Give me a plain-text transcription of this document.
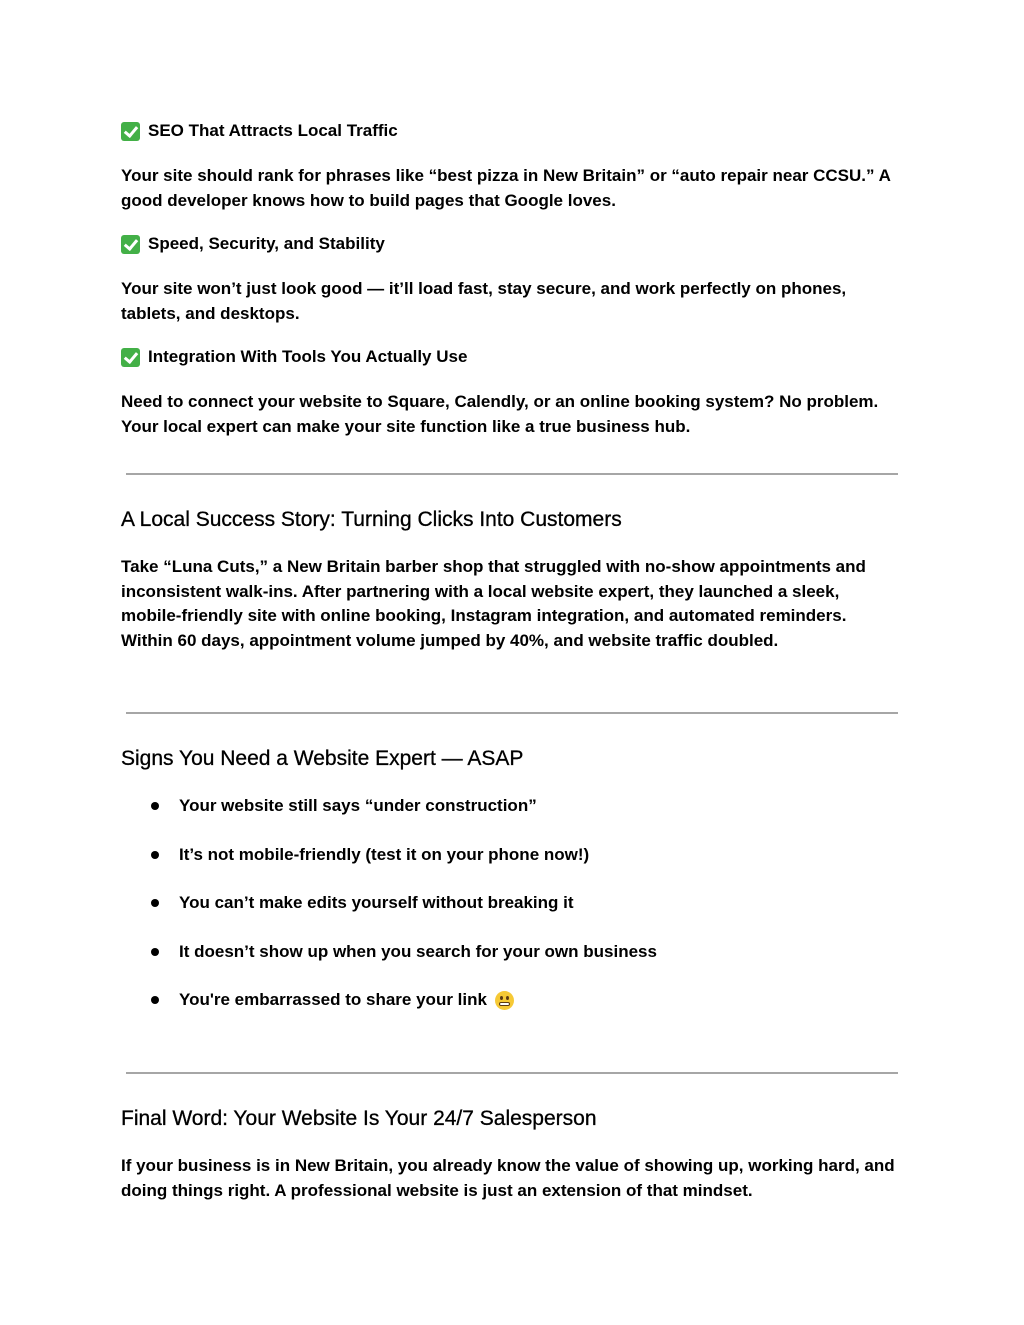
SEO That Attracts Local Traffic

Your site should rank for phrases like “best pizza in New Britain” or “auto repair near CCSU.” A good developer knows how to build pages that Google loves.

Speed, Security, and Stability

Your site won’t just look good — it’ll load fast, stay secure, and work perfectly on phones, tablets, and desktops.

Integration With Tools You Actually Use

Need to connect your website to Square, Calendly, or an online booking system? No problem. Your local expert can make your site function like a true business hub.

A Local Success Story: Turning Clicks Into Customers

Take “Luna Cuts,” a New Britain barber shop that struggled with no-show appointments and inconsistent walk-ins. After partnering with a local website expert, they launched a sleek, mobile-friendly site with online booking, Instagram integration, and automated reminders. Within 60 days, appointment volume jumped by 40%, and website traffic doubled.

Signs You Need a Website Expert — ASAP
Your website still says “under construction”
It’s not mobile-friendly (test it on your phone now!)
You can’t make edits yourself without breaking it
It doesn’t show up when you search for your own business
You're embarrassed to share your link
Final Word: Your Website Is Your 24/7 Salesperson

If your business is in New Britain, you already know the value of showing up, working hard, and doing things right. A professional website is just an extension of that mindset.
